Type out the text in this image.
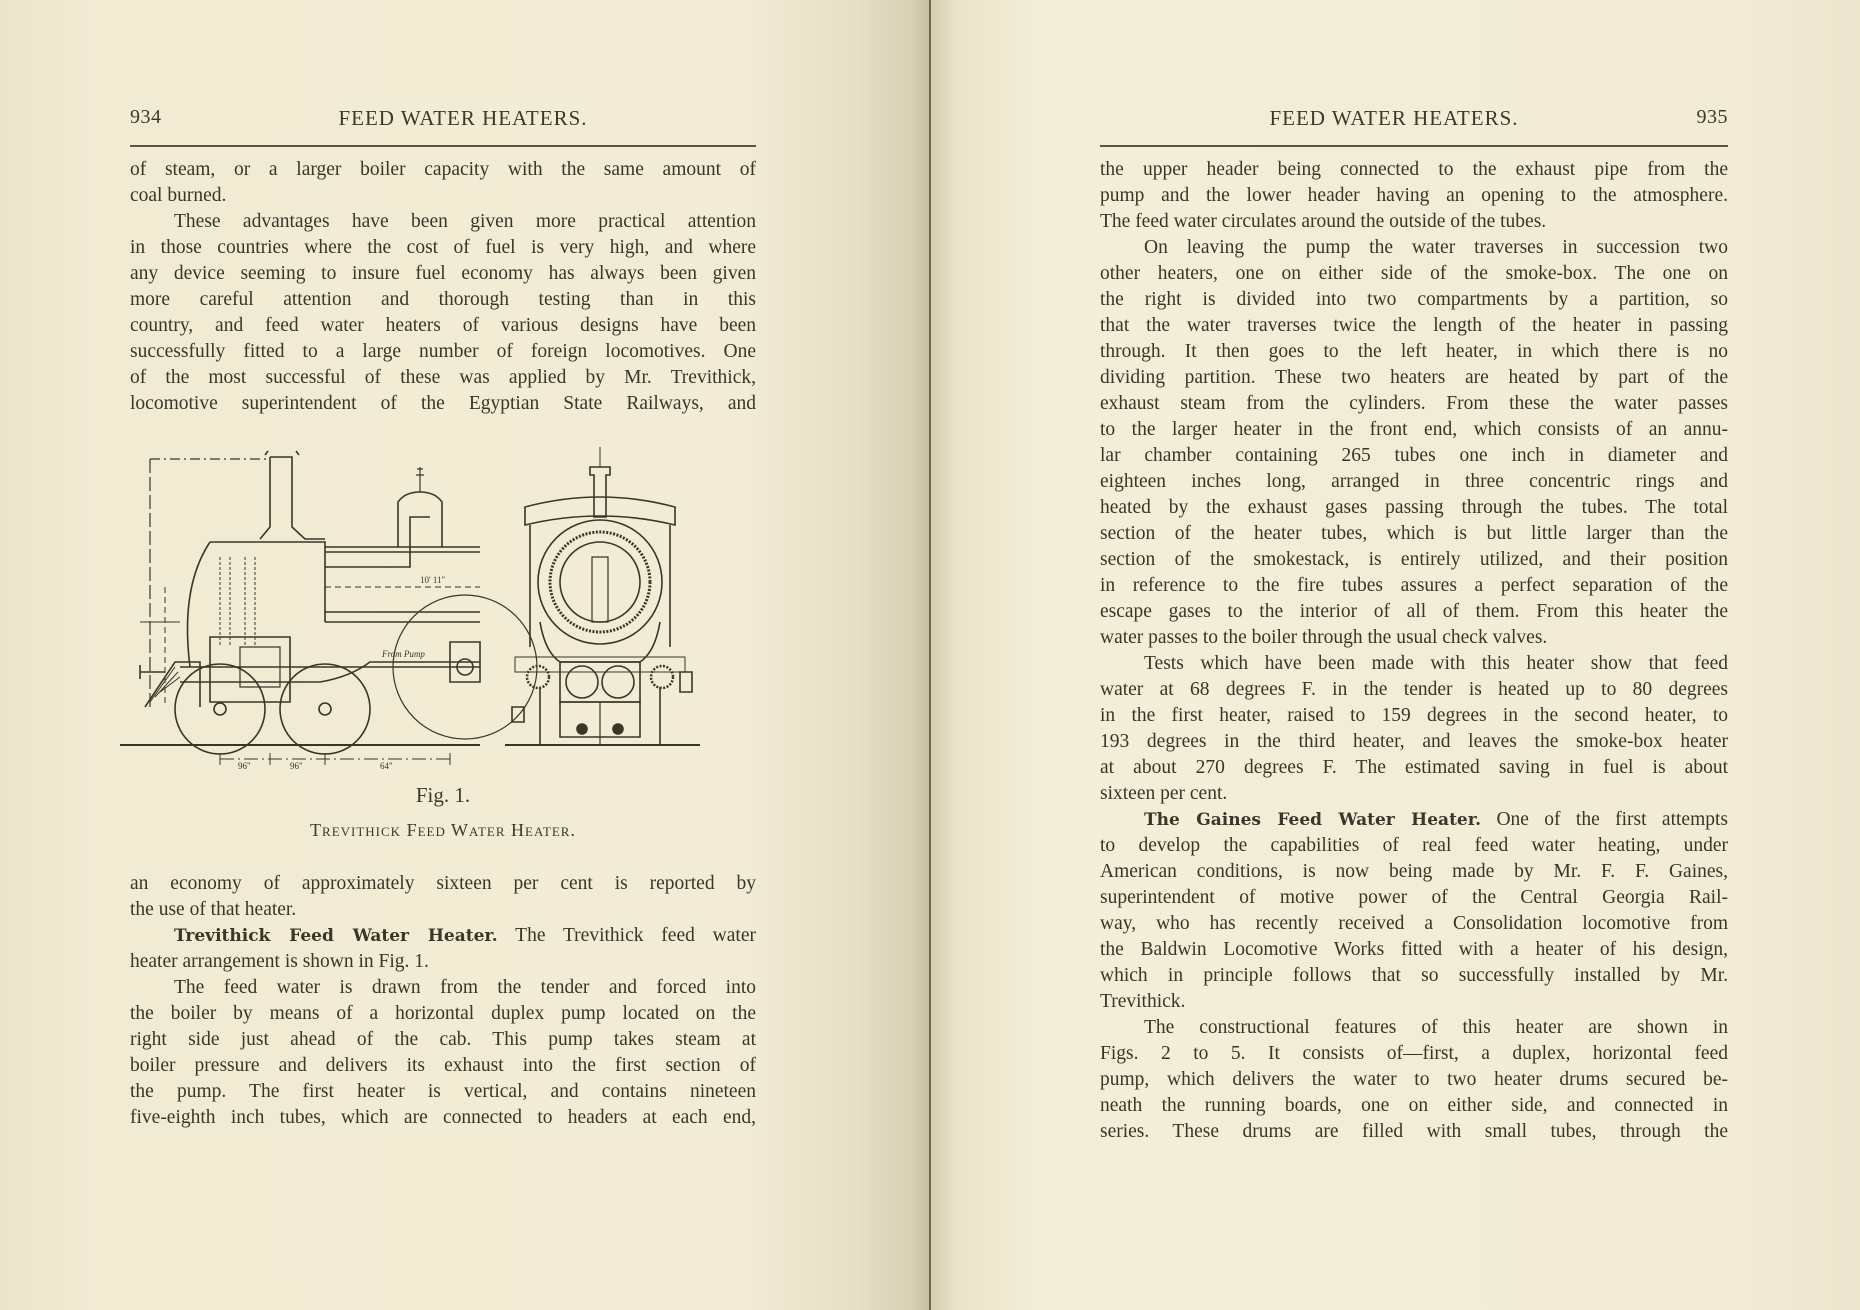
934	FEED WATER HEATERS.

of steam, or a larger boiler capacity with the same amount of
coal burned.

These advantages have been given more practical attention
in those countries where the cost of fuel is very high, and where
any device seeming to insure fuel economy has always been given
more careful attention and thorough testing than in this
country, and feed water heaters of various designs have been
successfully fitted to a large number of foreign locomotives. One
of the most successful of these was applied by Mr. Trevithick,
locomotive superintendent of the Egyptian State Railways, and

10' 11"
96"	96"	64"
From Pump
Fig. 1.
Trevithick Feed Water Heater.

an economy of approximately sixteen per cent is reported by
the use of that heater.

Trevithick Feed Water Heater. The Trevithick feed water
heater arrangement is shown in Fig. 1.

The feed water is drawn from the tender and forced into
the boiler by means of a horizontal duplex pump located on the
right side just ahead of the cab. This pump takes steam at
boiler pressure and delivers its exhaust into the first section of
the pump. The first heater is vertical, and contains nineteen
five-eighth inch tubes, which are connected to headers at each end,

FEED WATER HEATERS.	935

the upper header being connected to the exhaust pipe from the
pump and the lower header having an opening to the atmosphere.
The feed water circulates around the outside of the tubes.

On leaving the pump the water traverses in succession two
other heaters, one on either side of the smoke-box. The one on
the right is divided into two compartments by a partition, so
that the water traverses twice the length of the heater in passing
through. It then goes to the left heater, in which there is no
dividing partition. These two heaters are heated by part of the
exhaust steam from the cylinders. From these the water passes
to the larger heater in the front end, which consists of an annu-
lar chamber containing 265 tubes one inch in diameter and
eighteen inches long, arranged in three concentric rings and
heated by the exhaust gases passing through the tubes. The total
section of the heater tubes, which is but little larger than the
section of the smokestack, is entirely utilized, and their position
in reference to the fire tubes assures a perfect separation of the
escape gases to the interior of all of them. From this heater the
water passes to the boiler through the usual check valves.

Tests which have been made with this heater show that feed
water at 68 degrees F. in the tender is heated up to 80 degrees
in the first heater, raised to 159 degrees in the second heater, to
193 degrees in the third heater, and leaves the smoke-box heater
at about 270 degrees F. The estimated saving in fuel is about
sixteen per cent.

The Gaines Feed Water Heater. One of the first attempts
to develop the capabilities of real feed water heating, under
American conditions, is now being made by Mr. F. F. Gaines,
superintendent of motive power of the Central Georgia Rail-
way, who has recently received a Consolidation locomotive from
the Baldwin Locomotive Works fitted with a heater of his design,
which in principle follows that so successfully installed by Mr.
Trevithick.

The constructional features of this heater are shown in
Figs. 2 to 5. It consists of—first, a duplex, horizontal feed
pump, which delivers the water to two heater drums secured be-
neath the running boards, one on either side, and connected in
series. These drums are filled with small tubes, through the
